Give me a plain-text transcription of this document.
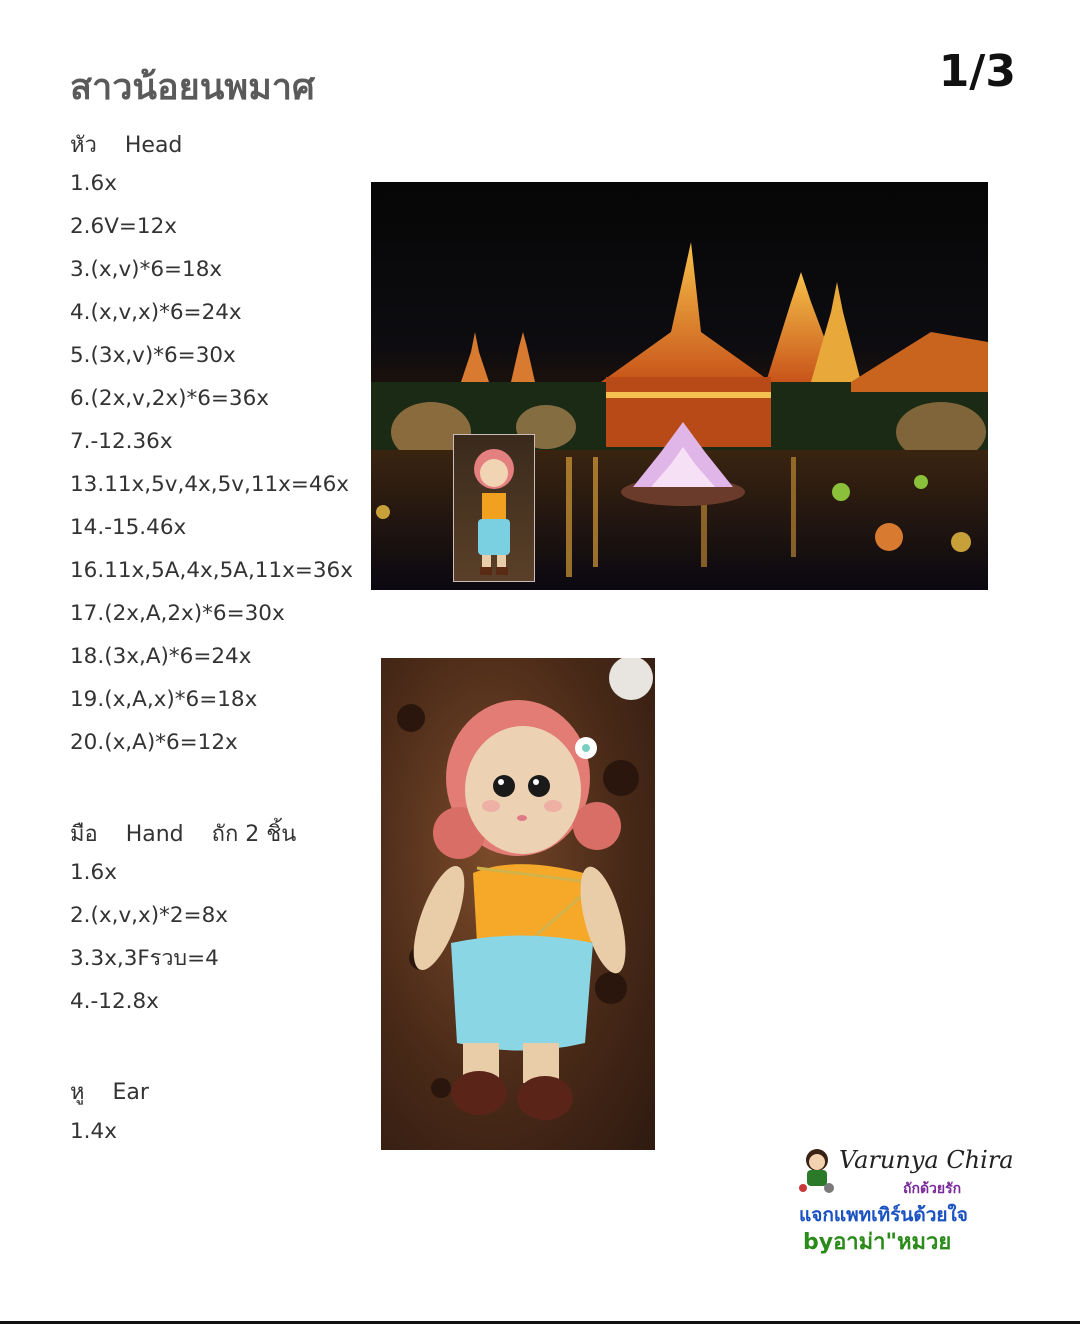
สาวน้อยนพมาศ	1/3
หัว Head
1.6x
2.6V=12x
3.(x,v)*6=18x
4.(x,v,x)*6=24x
5.(3x,v)*6=30x
6.(2x,v,2x)*6=36x
7.-12.36x
13.11x,5v,4x,5v,11x=46x
14.-15.46x
16.11x,5A,4x,5A,11x=36x
17.(2x,A,2x)*6=30x
18.(3x,A)*6=24x
19.(x,A,x)*6=18x
20.(x,A)*6=12x
มือ Hand ถัก 2 ชิ้น
1.6x
2.(x,v,x)*2=8x
3.3x,3Fรวบ=4
4.-12.8x
หู Ear
1.4x
Varunya Chira
ถักด้วยรัก
แจกแพทเทิร์นด้วยใจ
byอาม่า"หมวย
